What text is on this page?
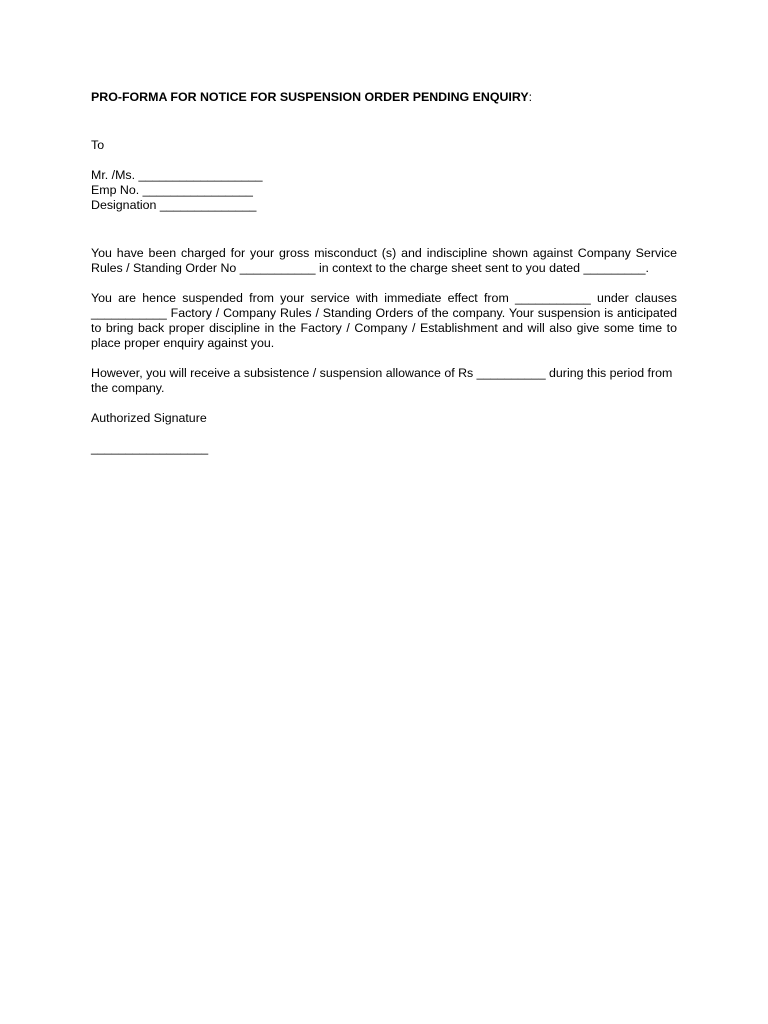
PRO-FORMA FOR NOTICE FOR SUSPENSION ORDER PENDING ENQUIRY:

To

Mr. /Ms. __________________
Emp No. ________________
Designation ______________

You have been charged for your gross misconduct (s) and indiscipline shown against Company Service Rules / Standing Order No ___________ in context to the charge sheet sent to you dated _________.

You are hence suspended from your service with immediate effect from ___________ under clauses ___________ Factory / Company Rules / Standing Orders of the company. Your suspension is anticipated to bring back proper discipline in the Factory / Company / Establishment and will also give some time to place proper enquiry against you.

However, you will receive a subsistence / suspension allowance of Rs __________ during this period from the company.

Authorized Signature

_________________
